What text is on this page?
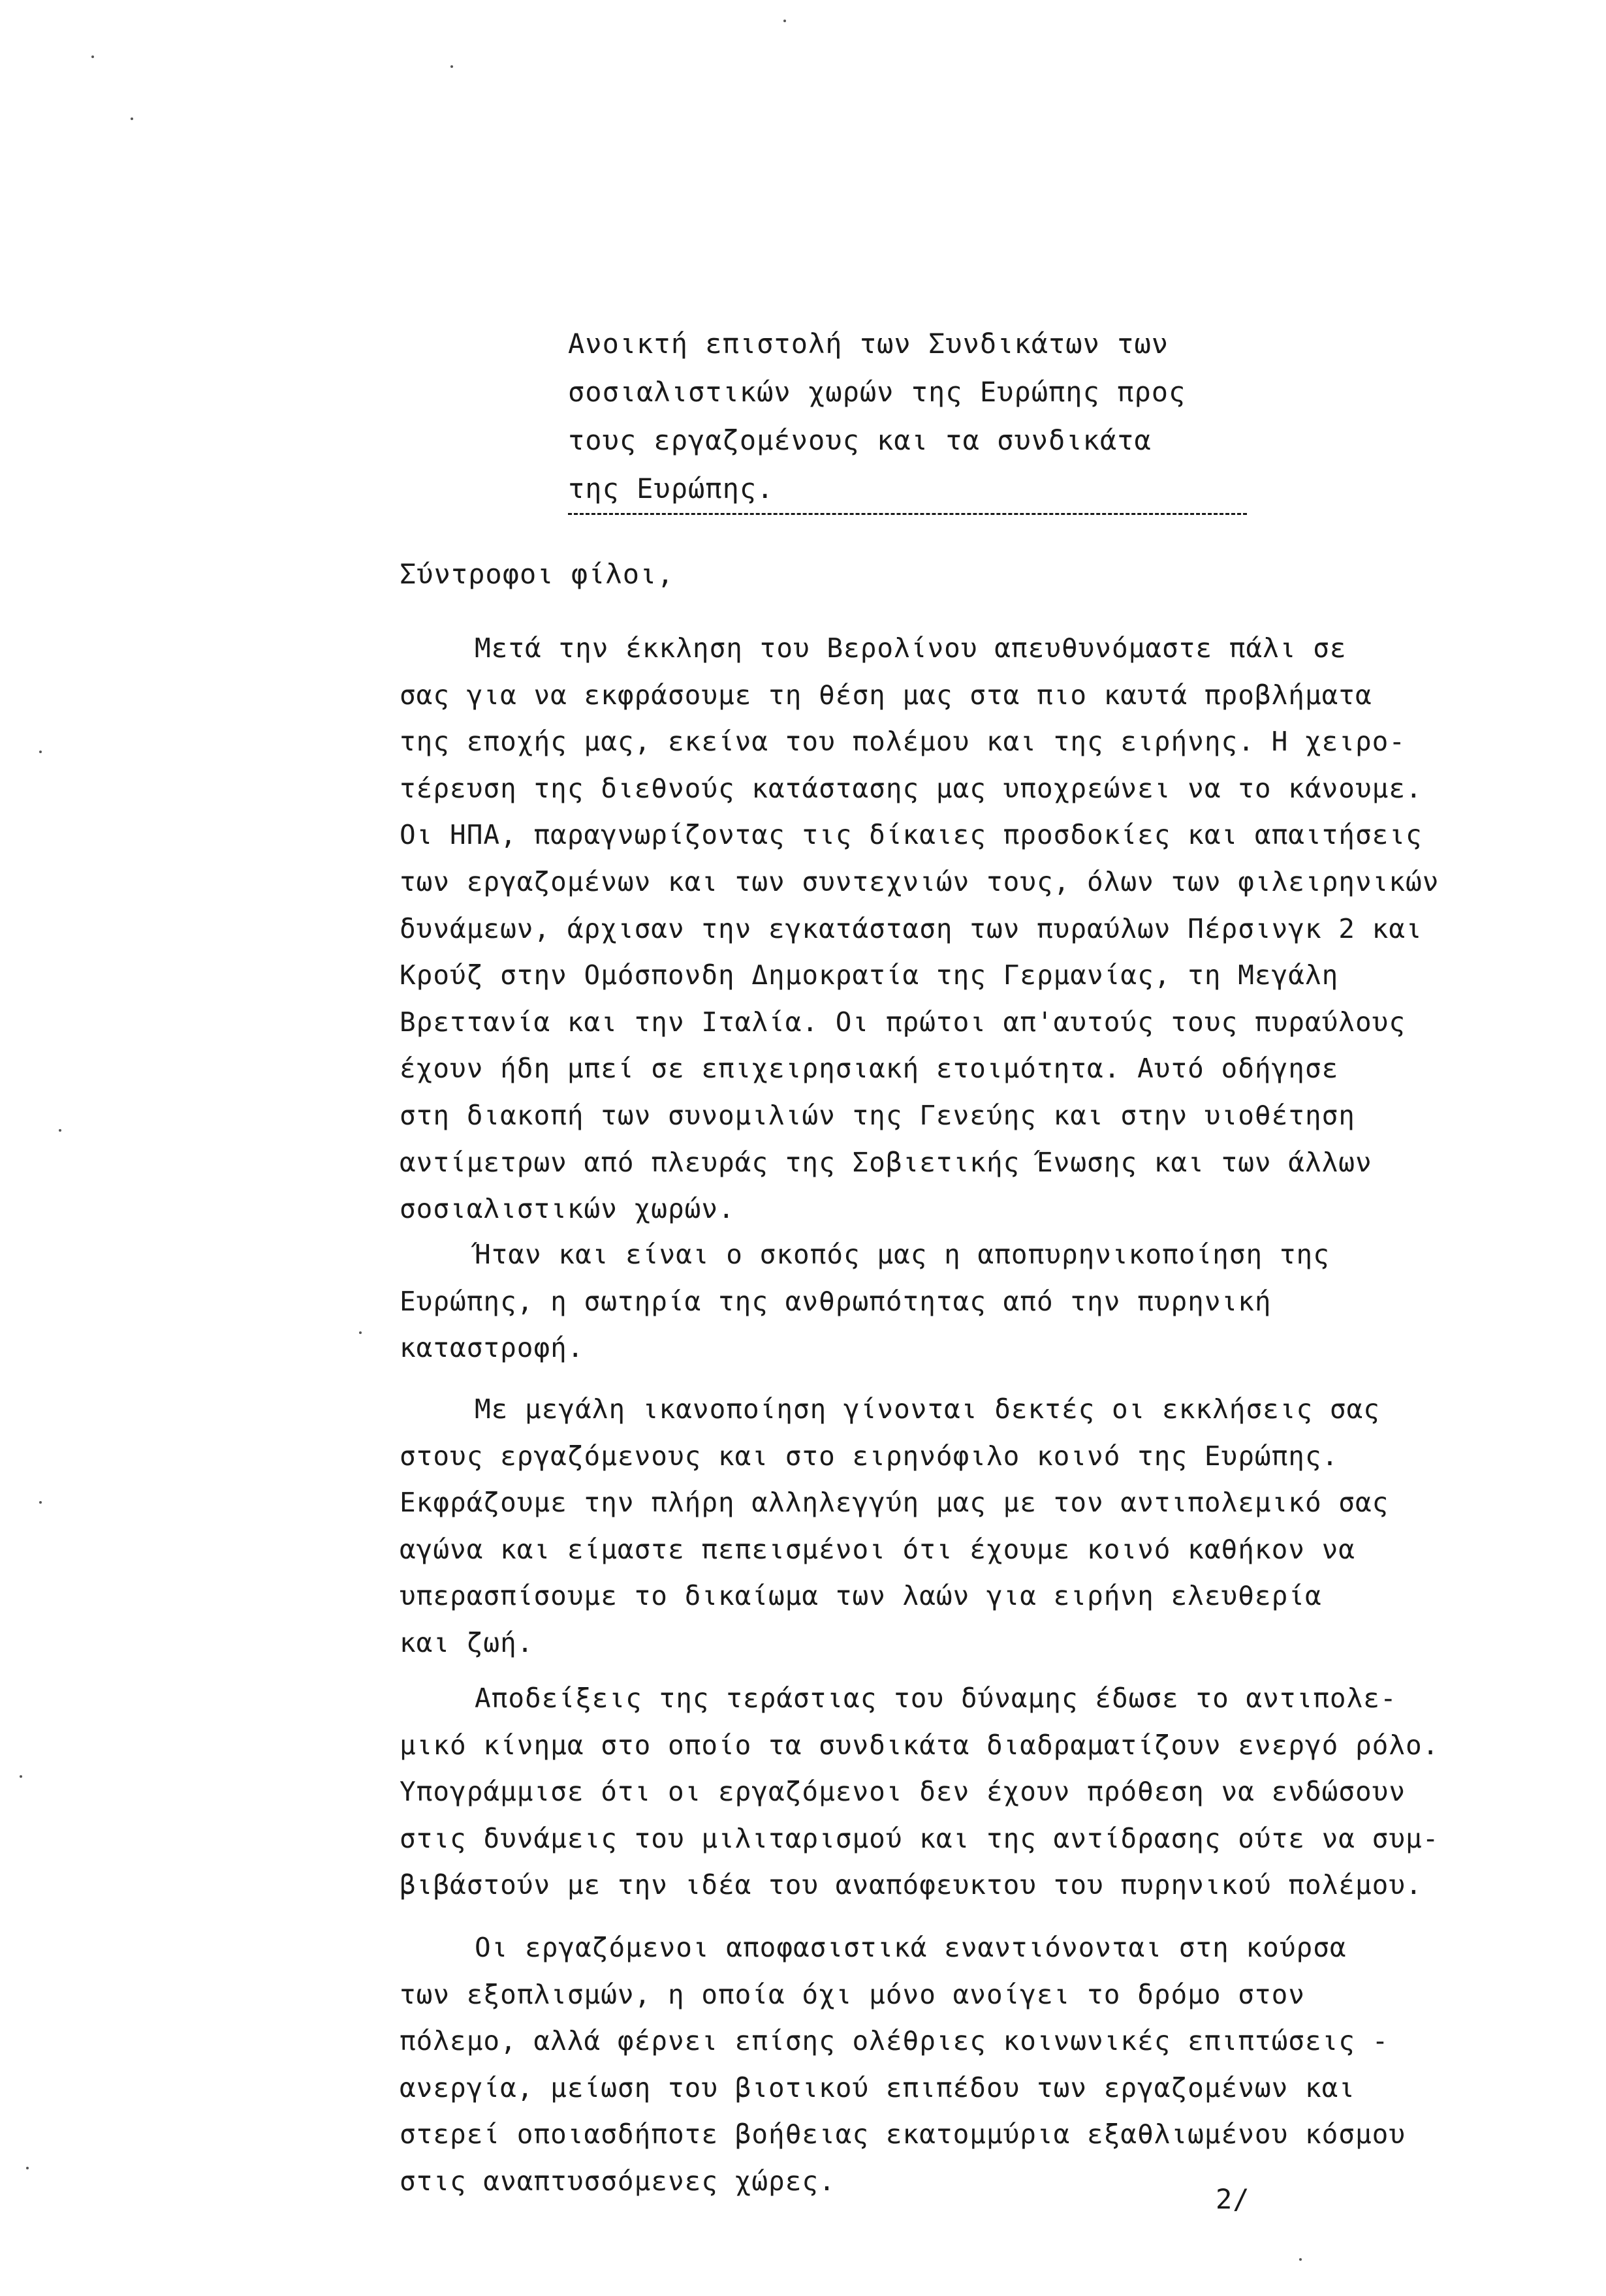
Ανοικτή επιστολή των Συνδικάτων των
σοσιαλιστικών χωρών της Ευρώπης προς
τους εργαζομένους και τα συνδικάτα
της Ευρώπης.
Σύντροφοι φίλοι,
Μετά την έκκληση του Βερολίνου απευθυνόμαστε πάλι σε
σας για να εκφράσουμε τη θέση μας στα πιο καυτά προβλήματα
της εποχής μας, εκείνα του πολέμου και της ειρήνης. Η χειρο-
τέρευση της διεθνούς κατάστασης μας υποχρεώνει να το κάνουμε.
Οι ΗΠΑ, παραγνωρίζοντας τις δίκαιες προσδοκίες και απαιτήσεις
των εργαζομένων και των συντεχνιών τους, όλων των φιλειρηνικών
δυνάμεων, άρχισαν την εγκατάσταση των πυραύλων Πέρσινγκ 2 και
Κρούζ στην Ομόσπονδη Δημοκρατία της Γερμανίας, τη Μεγάλη
Βρεττανία και την Ιταλία. Οι πρώτοι απ'αυτούς τους πυραύλους
έχουν ήδη μπεί σε επιχειρησιακή ετοιμότητα. Αυτό οδήγησε
στη διακοπή των συνομιλιών της Γενεύης και στην υιοθέτηση
αντίμετρων από πλευράς της Σοβιετικής Ένωσης και των άλλων
σοσιαλιστικών χωρών.
Ήταν και είναι ο σκοπός μας η αποπυρηνικοποίηση της
Ευρώπης, η σωτηρία της ανθρωπότητας από την πυρηνική
καταστροφή.
Με μεγάλη ικανοποίηση γίνονται δεκτές οι εκκλήσεις σας
στους εργαζόμενους και στο ειρηνόφιλο κοινό της Ευρώπης.
Εκφράζουμε την πλήρη αλληλεγγύη μας με τον αντιπολεμικό σας
αγώνα και είμαστε πεπεισμένοι ότι έχουμε κοινό καθήκον να
υπερασπίσουμε το δικαίωμα των λαών για ειρήνη ελευθερία
και ζωή.
Αποδείξεις της τεράστιας του δύναμης έδωσε το αντιπολε-
μικό κίνημα στο οποίο τα συνδικάτα διαδραματίζουν ενεργό ρόλο.
Υπογράμμισε ότι οι εργαζόμενοι δεν έχουν πρόθεση να ενδώσουν
στις δυνάμεις του μιλιταρισμού και της αντίδρασης ούτε να συμ-
βιβάστούν με την ιδέα του αναπόφευκτου του πυρηνικού πολέμου.
Οι εργαζόμενοι αποφασιστικά εναντιόνονται στη κούρσα
των εξοπλισμών, η οποία όχι μόνο ανοίγει το δρόμο στον
πόλεμο, αλλά φέρνει επίσης ολέθριες κοινωνικές επιπτώσεις -
ανεργία, μείωση του βιοτικού επιπέδου των εργαζομένων και
στερεί οποιασδήποτε βοήθειας εκατομμύρια εξαθλιωμένου κόσμου
στις αναπτυσσόμενες χώρες.
2/
